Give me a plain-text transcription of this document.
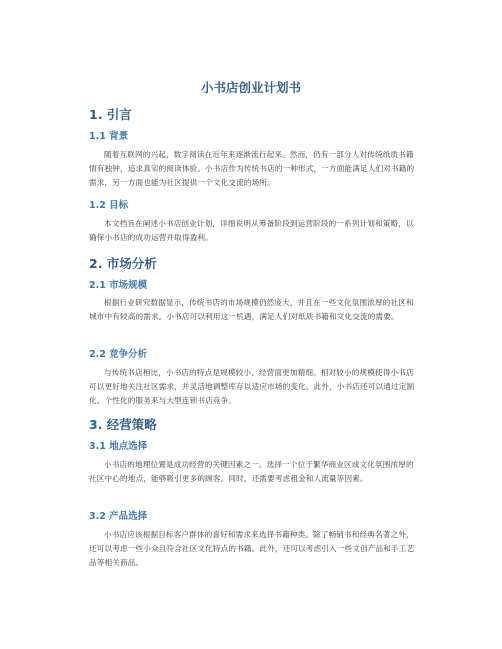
小书店创业计划书
1. 引言
1.1 背景
随着互联网的兴起，数字阅读在近年来逐渐流行起来。然而，仍有一部分人对传统纸质书籍情有独钟，追求真实的阅读体验。小书店作为传统书店的一种形式，一方面能满足人们对书籍的需求，另一方面也能为社区提供一个文化交流的场所。
1.2 目标
本文档旨在阐述小书店创业计划，详细说明从筹备阶段到运营阶段的一系列计划和策略，以确保小书店的成功运营并取得盈利。
2. 市场分析
2.1 市场规模
根据行业研究数据显示，传统书店的市场规模仍然庞大，并且在一些文化氛围浓厚的社区和城市中有较高的需求。小书店可以利用这一机遇，满足人们对纸质书籍和文化交流的需要。
2.2 竞争分析
与传统书店相比，小书店的特点是规模较小、经营面更加精细。相对较小的规模使得小书店可以更好地关注社区需求，并灵活地调整库存以适应市场的变化。此外，小书店还可以通过定制化、个性化的服务来与大型连锁书店竞争。
3. 经营策略
3.1 地点选择
小书店的地理位置是成功经营的关键因素之一。选择一个位于繁华商业区或文化氛围浓厚的社区中心的地点，能够吸引更多的顾客。同时，还需要考虑租金和人流量等因素。
3.2 产品选择
小书店应该根据目标客户群体的喜好和需求来选择书籍种类。除了畅销书和经典名著之外，还可以考虑一些小众且符合社区文化特点的书籍。此外，还可以考虑引入一些文创产品和手工艺品等相关商品。
